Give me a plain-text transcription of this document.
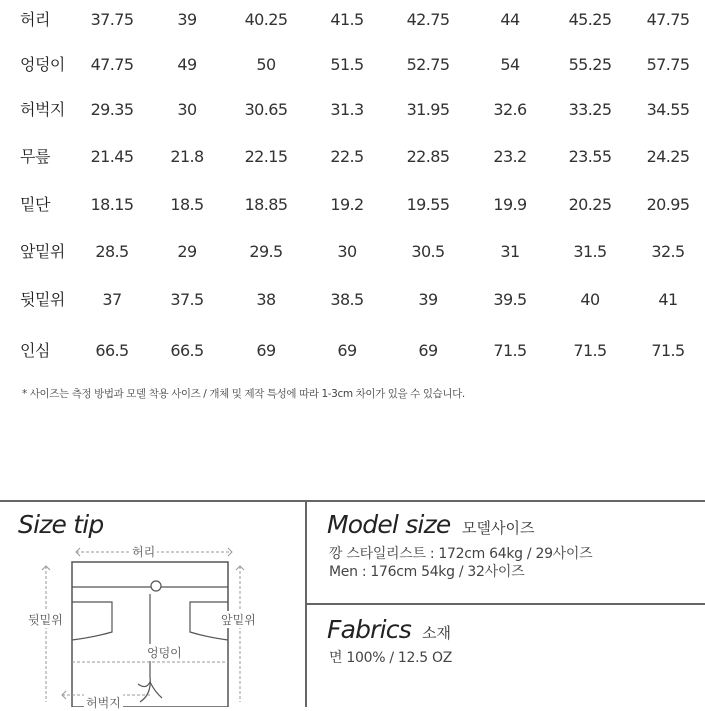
허리	37.75	39	40.25	41.5	42.75	44	45.25	47.75
엉덩이	47.75	49	50	51.5	52.75	54	55.25	57.75
허벅지	29.35	30	30.65	31.3	31.95	32.6	33.25	34.55
무릎	21.45	21.8	22.15	22.5	22.85	23.2	23.55	24.25
밑단	18.15	18.5	18.85	19.2	19.55	19.9	20.25	20.95
앞밑위	28.5	29	29.5	30	30.5	31	31.5	32.5
뒷밑위	37	37.5	38	38.5	39	39.5	40	41
인심	66.5	66.5	69	69	69	71.5	71.5	71.5
* 사이즈는 측정 방법과 모델 착용 사이즈 / 개체 및 제작 특성에 따라 1-3cm 차이가 있을 수 있습니다.
Size tip
허리
뒷밑위	앞밑위
엉덩이
허벅지
Model size 모델사이즈
깡 스타일리스트 : 172cm 64kg / 29사이즈
Men : 176cm 54kg / 32사이즈
Fabrics 소재
면 100% / 12.5 OZ
